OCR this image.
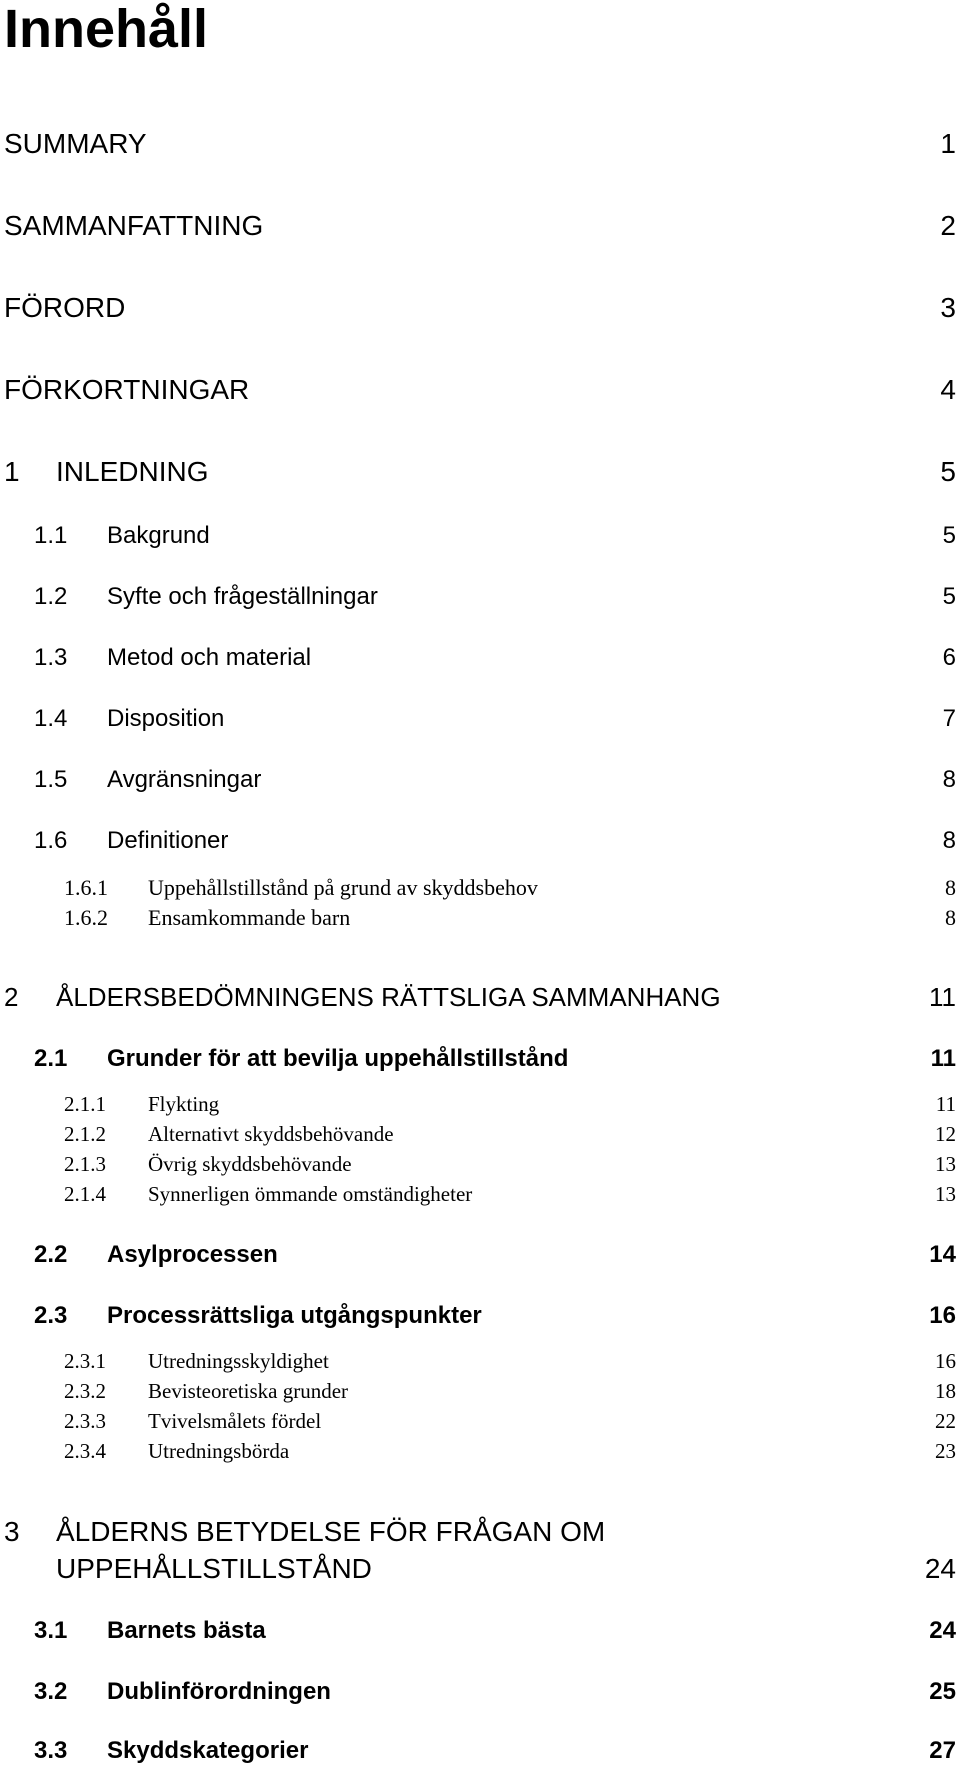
Innehåll
SUMMARY	1
SAMMANFATTNING	2
FÖRORD	3
FÖRKORTNINGAR	4
1 INLEDNING	5
1.1 Bakgrund	5
1.2 Syfte och frågeställningar	5
1.3 Metod och material	6
1.4 Disposition	7
1.5 Avgränsningar	8
1.6 Definitioner	8
1.6.1 Uppehållstillstånd på grund av skyddsbehov	8
1.6.2 Ensamkommande barn	8
2 ÅLDERSBEDÖMNINGENS RÄTTSLIGA SAMMANHANG	11
2.1 Grunder för att bevilja uppehållstillstånd	11
2.1.1 Flykting	11
2.1.2 Alternativt skyddsbehövande	12
2.1.3 Övrig skyddsbehövande	13
2.1.4 Synnerligen ömmande omständigheter	13
2.2 Asylprocessen	14
2.3 Processrättsliga utgångspunkter	16
2.3.1 Utredningsskyldighet	16
2.3.2 Bevisteoretiska grunder	18
2.3.3 Tvivelsmålets fördel	22
2.3.4 Utredningsbörda	23
3 ÅLDERNS BETYDELSE FÖR FRÅGAN OM
UPPEHÅLLSTILLSTÅND	24
3.1 Barnets bästa	24
3.2 Dublinförordningen	25
3.3 Skyddskategorier	27
